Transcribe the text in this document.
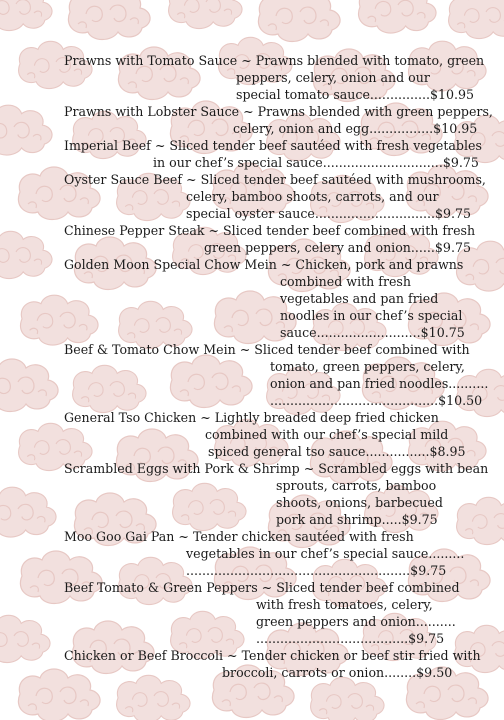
Prawns with Tomato Sauce ~ Prawns blended with tomato, green
peppers, celery, onion and our
special tomato sauce...............$10.95
Prawns with Lobster Sauce ~ Prawns blended with green peppers,
celery, onion and egg................$10.95
Imperial Beef ~ Sliced tender beef sautéed with fresh vegetables
in our chef’s special sauce..............................$9.75
Oyster Sauce Beef ~ Sliced tender beef sautéed with mushrooms,
celery, bamboo shoots, carrots, and our
special oyster sauce..............................$9.75
Chinese Pepper Steak ~ Sliced tender beef combined with fresh
green peppers, celery and onion......$9.75
Golden Moon Special Chow Mein ~ Chicken, pork and prawns
combined with fresh
vegetables and pan fried
noodles in our chef’s special
sauce..........................$10.75
Beef & Tomato Chow Mein ~ Sliced tender beef combined with
tomato, green peppers, celery,
onion and pan fried noodles..........
..........................................$10.50
General Tso Chicken ~ Lightly breaded deep fried chicken
combined with our chef’s special mild
spiced general tso sauce................$8.95
Scrambled Eggs with Pork & Shrimp ~ Scrambled eggs with bean
sprouts, carrots, bamboo
shoots, onions, barbecued
pork and shrimp.....$9.75
Moo Goo Gai Pan ~ Tender chicken sautéed with fresh
vegetables in our chef’s special sauce.........
........................................................$9.75
Beef Tomato & Green Peppers ~ Sliced tender beef combined
with fresh tomatoes, celery,
green peppers and onion..........
......................................$9.75
Chicken or Beef Broccoli ~ Tender chicken or beef stir fried with
broccoli, carrots or onion........$9.50
